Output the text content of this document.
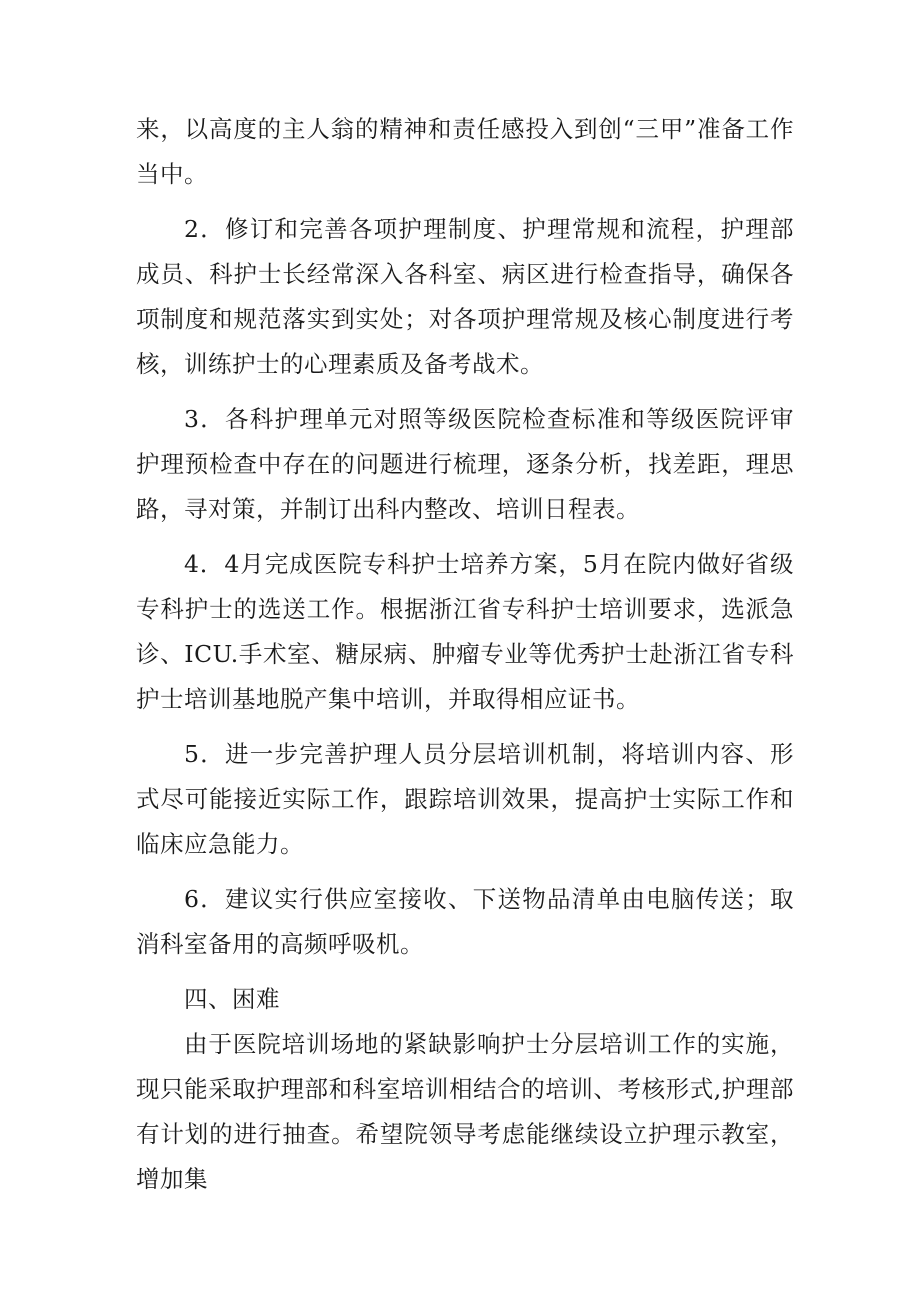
来，以高度的主人翁的精神和责任感投入到创“三甲”准备工作当中。

2．修订和完善各项护理制度、护理常规和流程，护理部成员、科护士长经常深入各科室、病区进行检查指导，确保各项制度和规范落实到实处；对各项护理常规及核心制度进行考核，训练护士的心理素质及备考战术。

3．各科护理单元对照等级医院检查标准和等级医院评审护理预检查中存在的问题进行梳理，逐条分析，找差距，理思路，寻对策，并制订出科内整改、培训日程表。

4．4月完成医院专科护士培养方案，5月在院内做好省级专科护士的选送工作。根据浙江省专科护士培训要求，选派急诊、ICU.手术室、糖尿病、肿瘤专业等优秀护士赴浙江省专科护士培训基地脱产集中培训，并取得相应证书。

5．进一步完善护理人员分层培训机制，将培训内容、形式尽可能接近实际工作，跟踪培训效果，提高护士实际工作和临床应急能力。

6．建议实行供应室接收、下送物品清单由电脑传送；取消科室备用的高频呼吸机。

四、困难

由于医院培训场地的紧缺影响护士分层培训工作的实施，现只能采取护理部和科室培训相结合的培训、考核形式,护理部有计划的进行抽查。希望院领导考虑能继续设立护理示教室，增加集
